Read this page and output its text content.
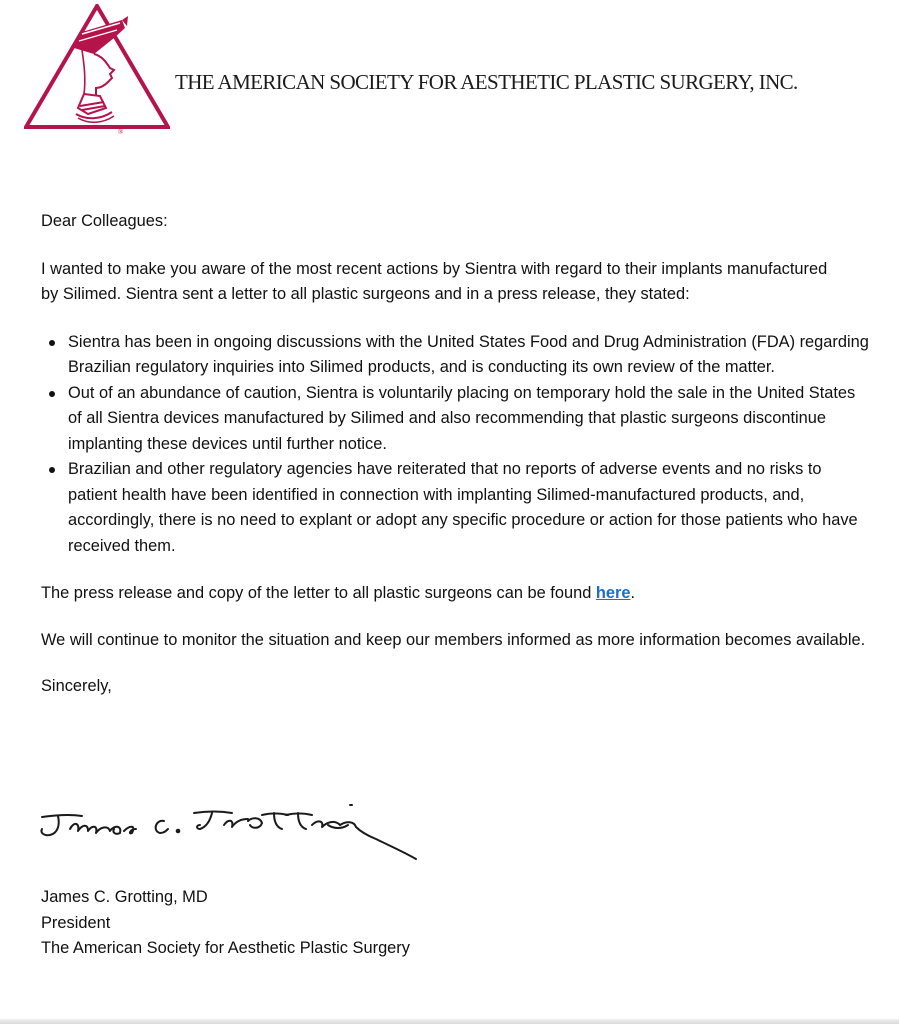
®
THE AMERICAN SOCIETY FOR AESTHETIC PLASTIC SURGERY, INC.

Dear Colleagues:

I wanted to make you aware of the most recent actions by Sientra with regard to their implants manufactured by Silimed. Sientra sent a letter to all plastic surgeons and in a press release, they stated:

Sientra has been in ongoing discussions with the United States Food and Drug Administration (FDA) regarding Brazilian regulatory inquiries into Silimed products, and is conducting its own review of the matter.
Out of an abundance of caution, Sientra is voluntarily placing on temporary hold the sale in the United States of all Sientra devices manufactured by Silimed and also recommending that plastic surgeons discontinue implanting these devices until further notice.
Brazilian and other regulatory agencies have reiterated that no reports of adverse events and no risks to patient health have been identified in connection with implanting Silimed-manufactured products, and, accordingly, there is no need to explant or adopt any specific procedure or action for those patients who have received them.

The press release and copy of the letter to all plastic surgeons can be found here.

We will continue to monitor the situation and keep our members informed as more information becomes available.

Sincerely,

James C. Grotting, MD
President
The American Society for Aesthetic Plastic Surgery
